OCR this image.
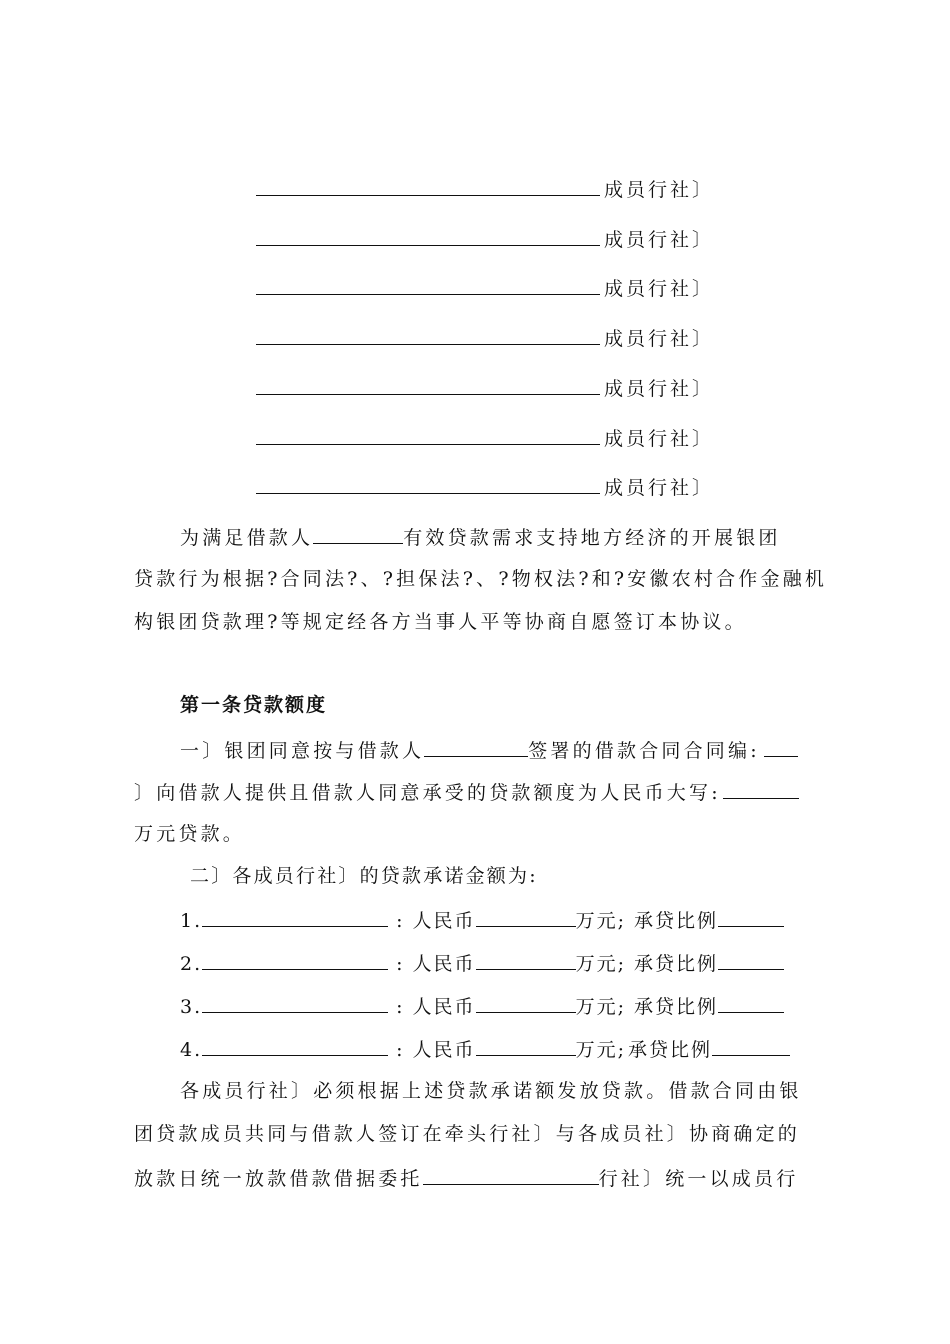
成员行社〕
成员行社〕
成员行社〕
成员行社〕
成员行社〕
成员行社〕
成员行社〕
为满足借款人	有效贷款需求支持地方经济的开展银团
贷款行为根据?合同法?、?担保法?、?物权法?和?安徽农村合作金融机
构银团贷款理?等规定经各方当事人平等协商自愿签订本协议。
第一条贷款额度
一〕银团同意按与借款人	签署的借款合同合同编:
〕向借款人提供且借款人同意承受的贷款额度为人民币大写:
万元贷款。
二〕各成员行社〕的贷款承诺金额为:
1.	: 人民币	万元; 承贷比例
2.	: 人民币	万元; 承贷比例
3.	: 人民币	万元; 承贷比例
4.	: 人民币	万元; 承贷比例
各成员行社〕必须根据上述贷款承诺额发放贷款。借款合同由银
团贷款成员共同与借款人签订在牵头行社〕与各成员社〕协商确定的
放款日统一放款借款借据委托	行社〕统一以成员行
